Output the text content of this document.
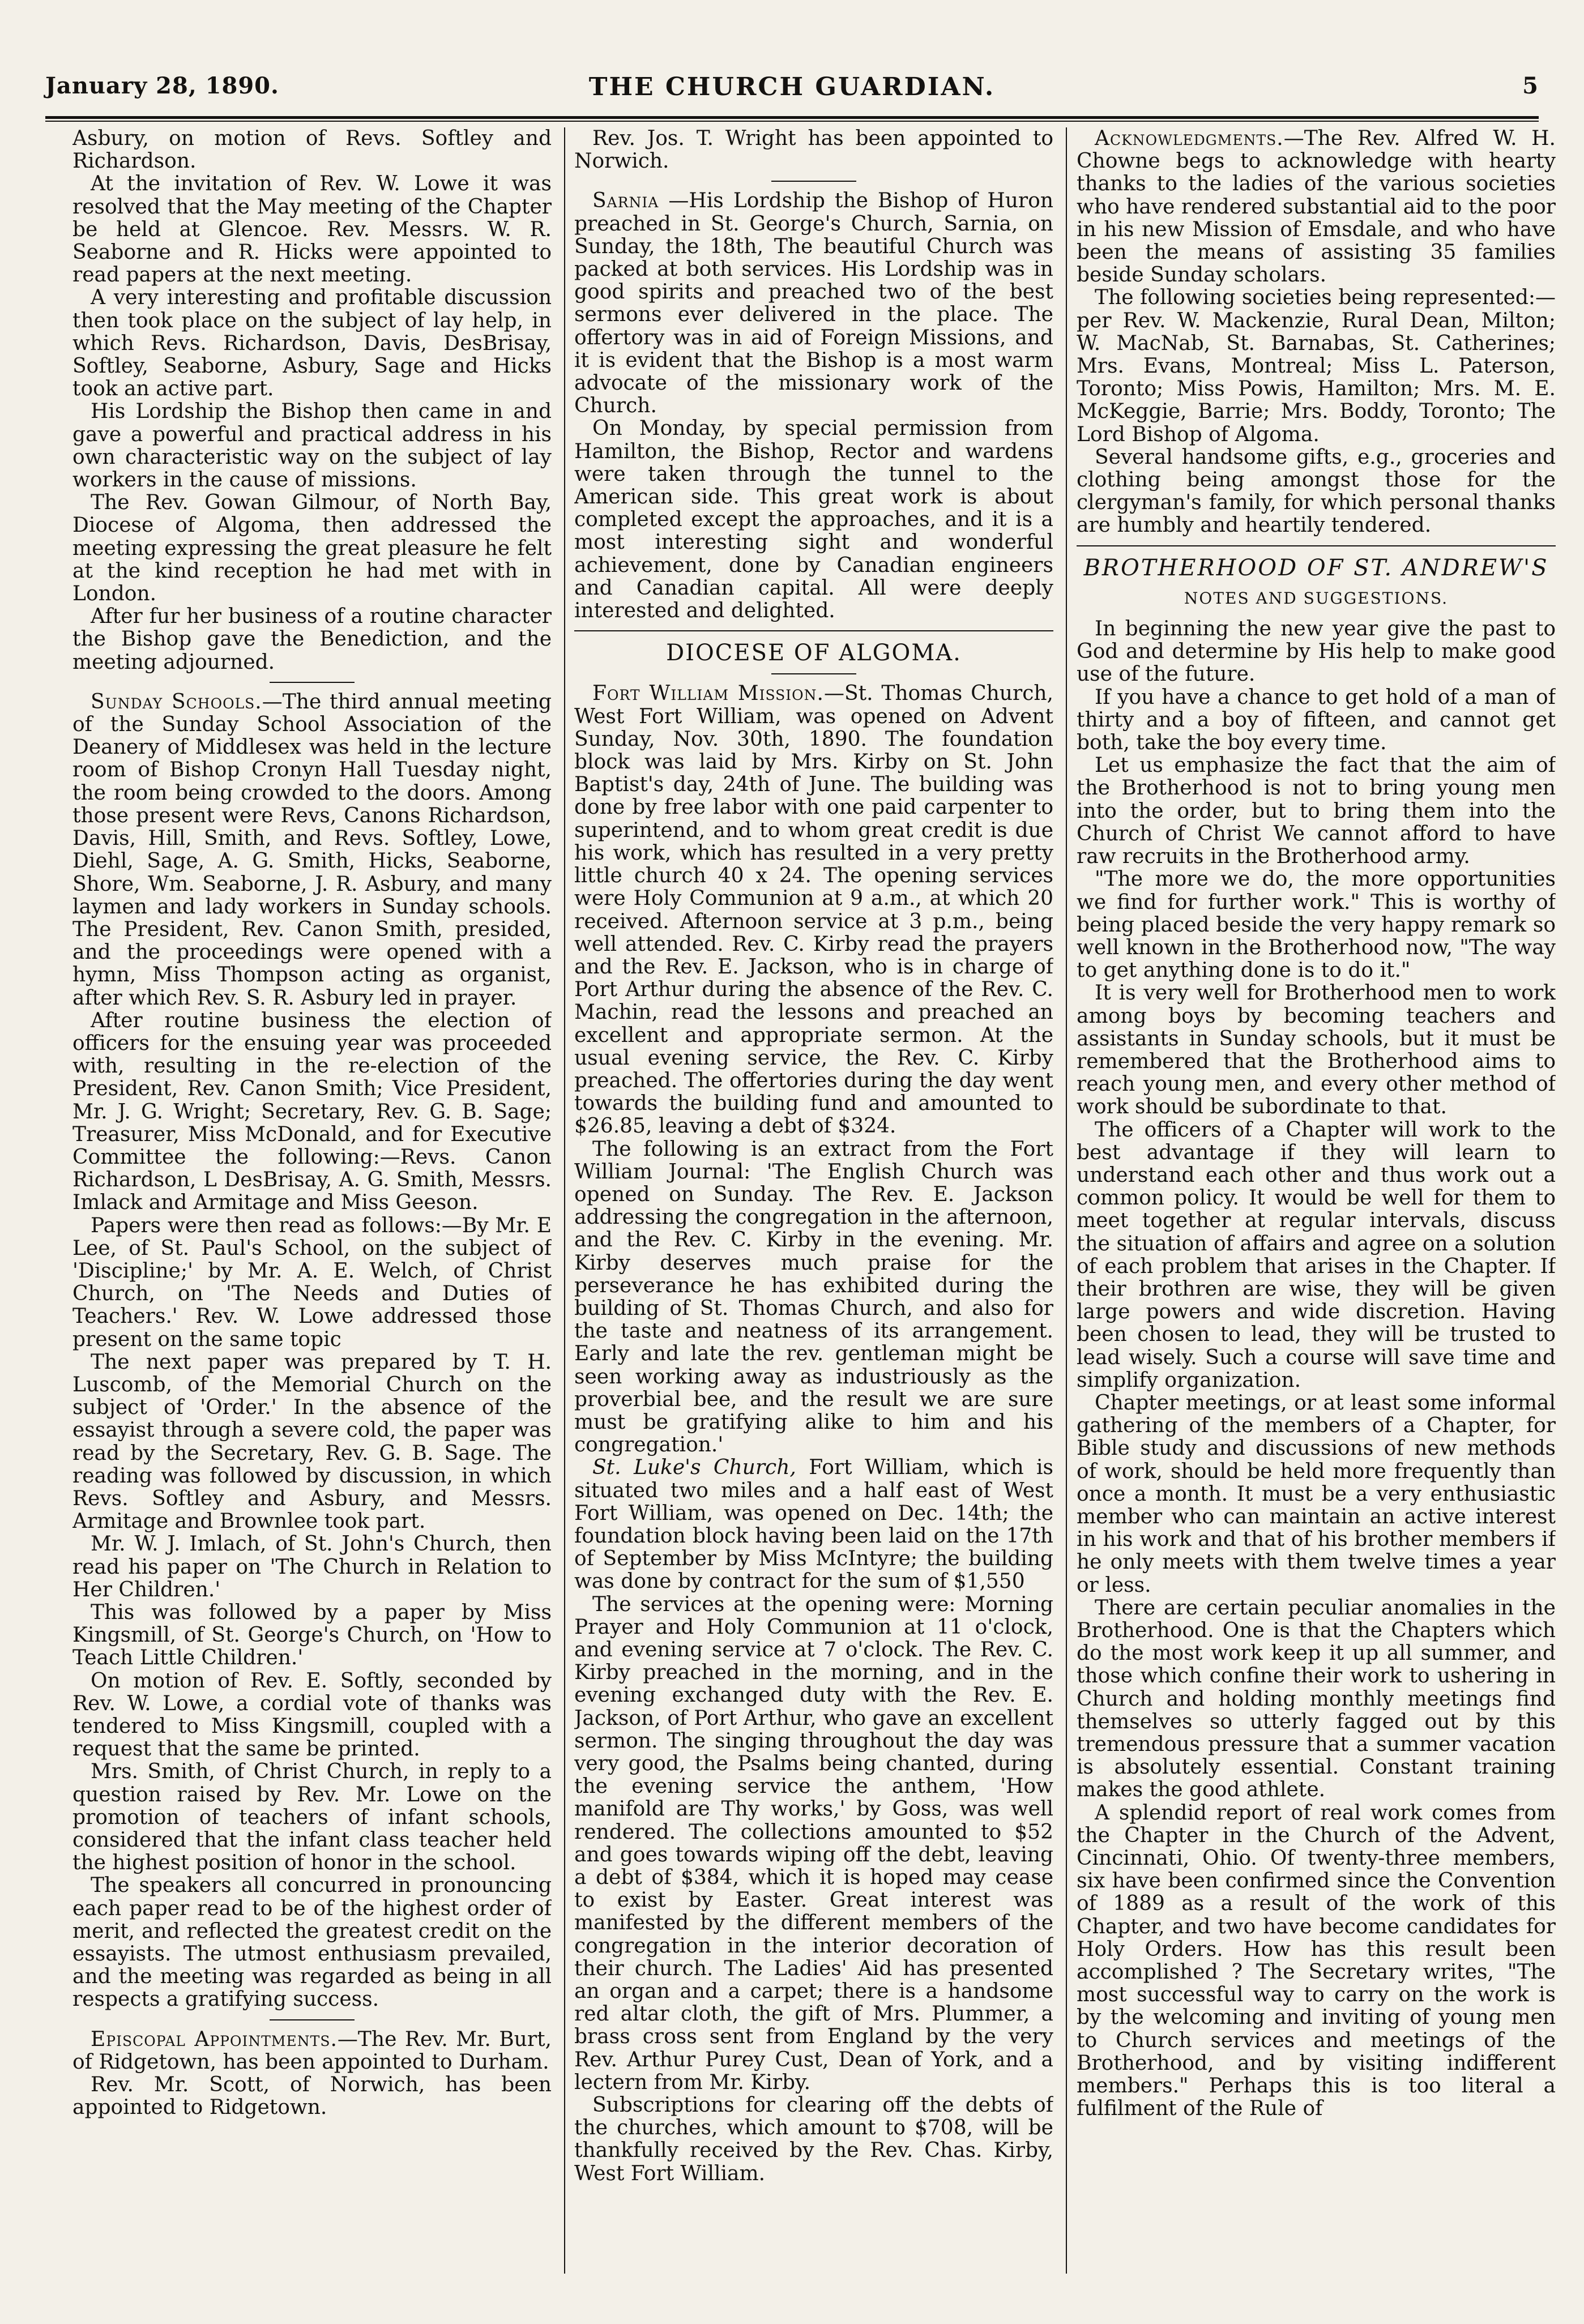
January 28, 1890.	THE CHURCH GUARDIAN.	5

Asbury, on motion of Revs. Softley and Richardson.

At the invitation of Rev. W. Lowe it was resolved that the May meeting of the Chapter be held at Glencoe. Rev. Messrs. W. R. Seaborne and R. Hicks were appointed to read papers at the next meeting.

A very interesting and profitable discussion then took place on the subject of lay help, in which Revs. Richardson, Davis, DesBrisay, Softley, Seaborne, Asbury, Sage and Hicks took an active part.

His Lordship the Bishop then came in and gave a powerful and practical address in his own characteristic way on the subject of lay workers in the cause of missions.

The Rev. Gowan Gilmour, of North Bay, Diocese of Algoma, then addressed the meeting expressing the great pleasure he felt at the kind reception he had met with in London.

After fur her business of a routine character the Bishop gave the Benediction, and the meeting adjourned.

Sunday Schools.—The third annual meeting of the Sunday School Association of the Deanery of Middlesex was held in the lecture room of Bishop Cronyn Hall Tuesday night, the room being crowded to the doors. Among those present were Revs, Canons Richardson, Davis, Hill, Smith, and Revs. Softley, Lowe, Diehl, Sage, A. G. Smith, Hicks, Seaborne, Shore, Wm. Seaborne, J. R. Asbury, and many laymen and lady workers in Sunday schools. The President, Rev. Canon Smith, presided, and the proceedings were opened with a hymn, Miss Thompson acting as organist, after which Rev. S. R. Asbury led in prayer.

After routine business the election of officers for the ensuing year was proceeded with, resulting in the re-election of the President, Rev. Canon Smith; Vice President, Mr. J. G. Wright; Secretary, Rev. G. B. Sage; Treasurer, Miss McDonald, and for Executive Committee the following:—Revs. Canon Richardson, L DesBrisay, A. G. Smith, Messrs. Imlack and Armitage and Miss Geeson.

Papers were then read as follows:—By Mr. E Lee, of St. Paul's School, on the subject of 'Discipline;' by Mr. A. E. Welch, of Christ Church, on 'The Needs and Duties of Teachers.' Rev. W. Lowe addressed those present on the same topic

The next paper was prepared by T. H. Luscomb, of the Memorial Church on the subject of 'Order.' In the absence of the essayist through a severe cold, the paper was read by the Secretary, Rev. G. B. Sage. The reading was followed by discussion, in which Revs. Softley and Asbury, and Messrs. Armitage and Brownlee took part.

Mr. W. J. Imlach, of St. John's Church, then read his paper on 'The Church in Relation to Her Children.'

This was followed by a paper by Miss Kingsmill, of St. George's Church, on 'How to Teach Little Children.'

On motion of Rev. E. Softly, seconded by Rev. W. Lowe, a cordial vote of thanks was tendered to Miss Kingsmill, coupled with a request that the same be printed.

Mrs. Smith, of Christ Church, in reply to a question raised by Rev. Mr. Lowe on the promotion of teachers of infant schools, considered that the infant class teacher held the highest position of honor in the school.

The speakers all concurred in pronouncing each paper read to be of the highest order of merit, and reflected the greatest credit on the essayists. The utmost enthusiasm prevailed, and the meeting was regarded as being in all respects a gratifying success.

Episcopal Appointments.—The Rev. Mr. Burt, of Ridgetown, has been appointed to Durham.

Rev. Mr. Scott, of Norwich, has been appointed to Ridgetown.

Rev. Jos. T. Wright has been appointed to Norwich.

Sarnia —His Lordship the Bishop of Huron preached in St. George's Church, Sarnia, on Sunday, the 18th, The beautiful Church was packed at both services. His Lordship was in good spirits and preached two of the best sermons ever delivered in the place. The offertory was in aid of Foreign Missions, and it is evident that the Bishop is a most warm advocate of the missionary work of the Church.

On Monday, by special permission from Hamilton, the Bishop, Rector and wardens were taken through the tunnel to the American side. This great work is about completed except the approaches, and it is a most interesting sight and wonderful achievement, done by Canadian engineers and Canadian capital. All were deeply interested and delighted.

DIOCESE OF ALGOMA.

Fort William Mission.—St. Thomas Church, West Fort William, was opened on Advent Sunday, Nov. 30th, 1890. The foundation block was laid by Mrs. Kirby on St. John Baptist's day, 24th of June. The building was done by free labor with one paid carpenter to superintend, and to whom great credit is due his work, which has resulted in a very pretty little church 40 x 24. The opening services were Holy Communion at 9 a.m., at which 20 received. Afternoon service at 3 p.m., being well attended. Rev. C. Kirby read the prayers and the Rev. E. Jackson, who is in charge of Port Arthur during the absence of the Rev. C. Machin, read the lessons and preached an excellent and appropriate sermon. At the usual evening service, the Rev. C. Kirby preached. The offertories during the day went towards the building fund and amounted to $26.85, leaving a debt of $324.

The following is an extract from the Fort William Journal: 'The English Church was opened on Sunday. The Rev. E. Jackson addressing the congregation in the afternoon, and the Rev. C. Kirby in the evening. Mr. Kirby deserves much praise for the perseverance he has exhibited during the building of St. Thomas Church, and also for the taste and neatness of its arrangement. Early and late the rev. gentleman might be seen working away as industriously as the proverbial bee, and the result we are sure must be gratifying alike to him and his congregation.'

St. Luke's Church, Fort William, which is situated two miles and a half east of West Fort William, was opened on Dec. 14th; the foundation block having been laid on the 17th of September by Miss McIntyre; the building was done by contract for the sum of $1,550

The services at the opening were: Morning Prayer and Holy Communion at 11 o'clock, and evening service at 7 o'clock. The Rev. C. Kirby preached in the morning, and in the evening exchanged duty with the Rev. E. Jackson, of Port Arthur, who gave an excellent sermon. The singing throughout the day was very good, the Psalms being chanted, during the evening service the anthem, 'How manifold are Thy works,' by Goss, was well rendered. The collections amounted to $52 and goes towards wiping off the debt, leaving a debt of $384, which it is hoped may cease to exist by Easter. Great interest was manifested by the different members of the congregation in the interior decoration of their church. The Ladies' Aid has presented an organ and a carpet; there is a handsome red altar cloth, the gift of Mrs. Plummer, a brass cross sent from England by the very Rev. Arthur Purey Cust, Dean of York, and a lectern from Mr. Kirby.

Subscriptions for clearing off the debts of the churches, which amount to $708, will be thankfully received by the Rev. Chas. Kirby, West Fort William.

Acknowledgments.—The Rev. Alfred W. H. Chowne begs to acknowledge with hearty thanks to the ladies of the various societies who have rendered substantial aid to the poor in his new Mission of Emsdale, and who have been the means of assisting 35 families beside Sunday scholars.

The following societies being represented:—per Rev. W. Mackenzie, Rural Dean, Milton; W. MacNab, St. Barnabas, St. Catherines; Mrs. Evans, Montreal; Miss L. Paterson, Toronto; Miss Powis, Hamilton; Mrs. M. E. McKeggie, Barrie; Mrs. Boddy, Toronto; The Lord Bishop of Algoma.

Several handsome gifts, e.g., groceries and clothing being amongst those for the clergyman's family, for which personal thanks are humbly and heartily tendered.

BROTHERHOOD OF ST. ANDREW'S
NOTES AND SUGGESTIONS.

In beginning the new year give the past to God and determine by His help to make good use of the future.

If you have a chance to get hold of a man of thirty and a boy of fifteen, and cannot get both, take the boy every time.

Let us emphasize the fact that the aim of the Brotherhood is not to bring young men into the order, but to bring them into the Church of Christ We cannot afford to have raw recruits in the Brotherhood army.

"The more we do, the more opportunities we find for further work." This is worthy of being placed beside the very happy remark so well known in the Brotherhood now, "The way to get anything done is to do it."

It is very well for Brotherhood men to work among boys by becoming teachers and assistants in Sunday schools, but it must be remembered that the Brotherhood aims to reach young men, and every other method of work should be subordinate to that.

The officers of a Chapter will work to the best advantage if they will learn to understand each other and thus work out a common policy. It would be well for them to meet together at regular intervals, discuss the situation of affairs and agree on a solution of each problem that arises in the Chapter. If their brothren are wise, they will be given large powers and wide discretion. Having been chosen to lead, they will be trusted to lead wisely. Such a course will save time and simplify organization.

Chapter meetings, or at least some informal gathering of the members of a Chapter, for Bible study and discussions of new methods of work, should be held more frequently than once a month. It must be a very enthusiastic member who can maintain an active interest in his work and that of his brother members if he only meets with them twelve times a year or less.

There are certain peculiar anomalies in the Brotherhood. One is that the Chapters which do the most work keep it up all summer, and those which confine their work to ushering in Church and holding monthly meetings find themselves so utterly fagged out by this tremendous pressure that a summer vacation is absolutely essential. Constant training makes the good athlete.

A splendid report of real work comes from the Chapter in the Church of the Advent, Cincinnati, Ohio. Of twenty-three members, six have been confirmed since the Convention of 1889 as a result of the work of this Chapter, and two have become candidates for Holy Orders. How has this result been accomplished ? The Secretary writes, "The most successful way to carry on the work is by the welcoming and inviting of young men to Church services and meetings of the Brotherhood, and by visiting indifferent members." Perhaps this is too literal a fulfilment of the Rule of
